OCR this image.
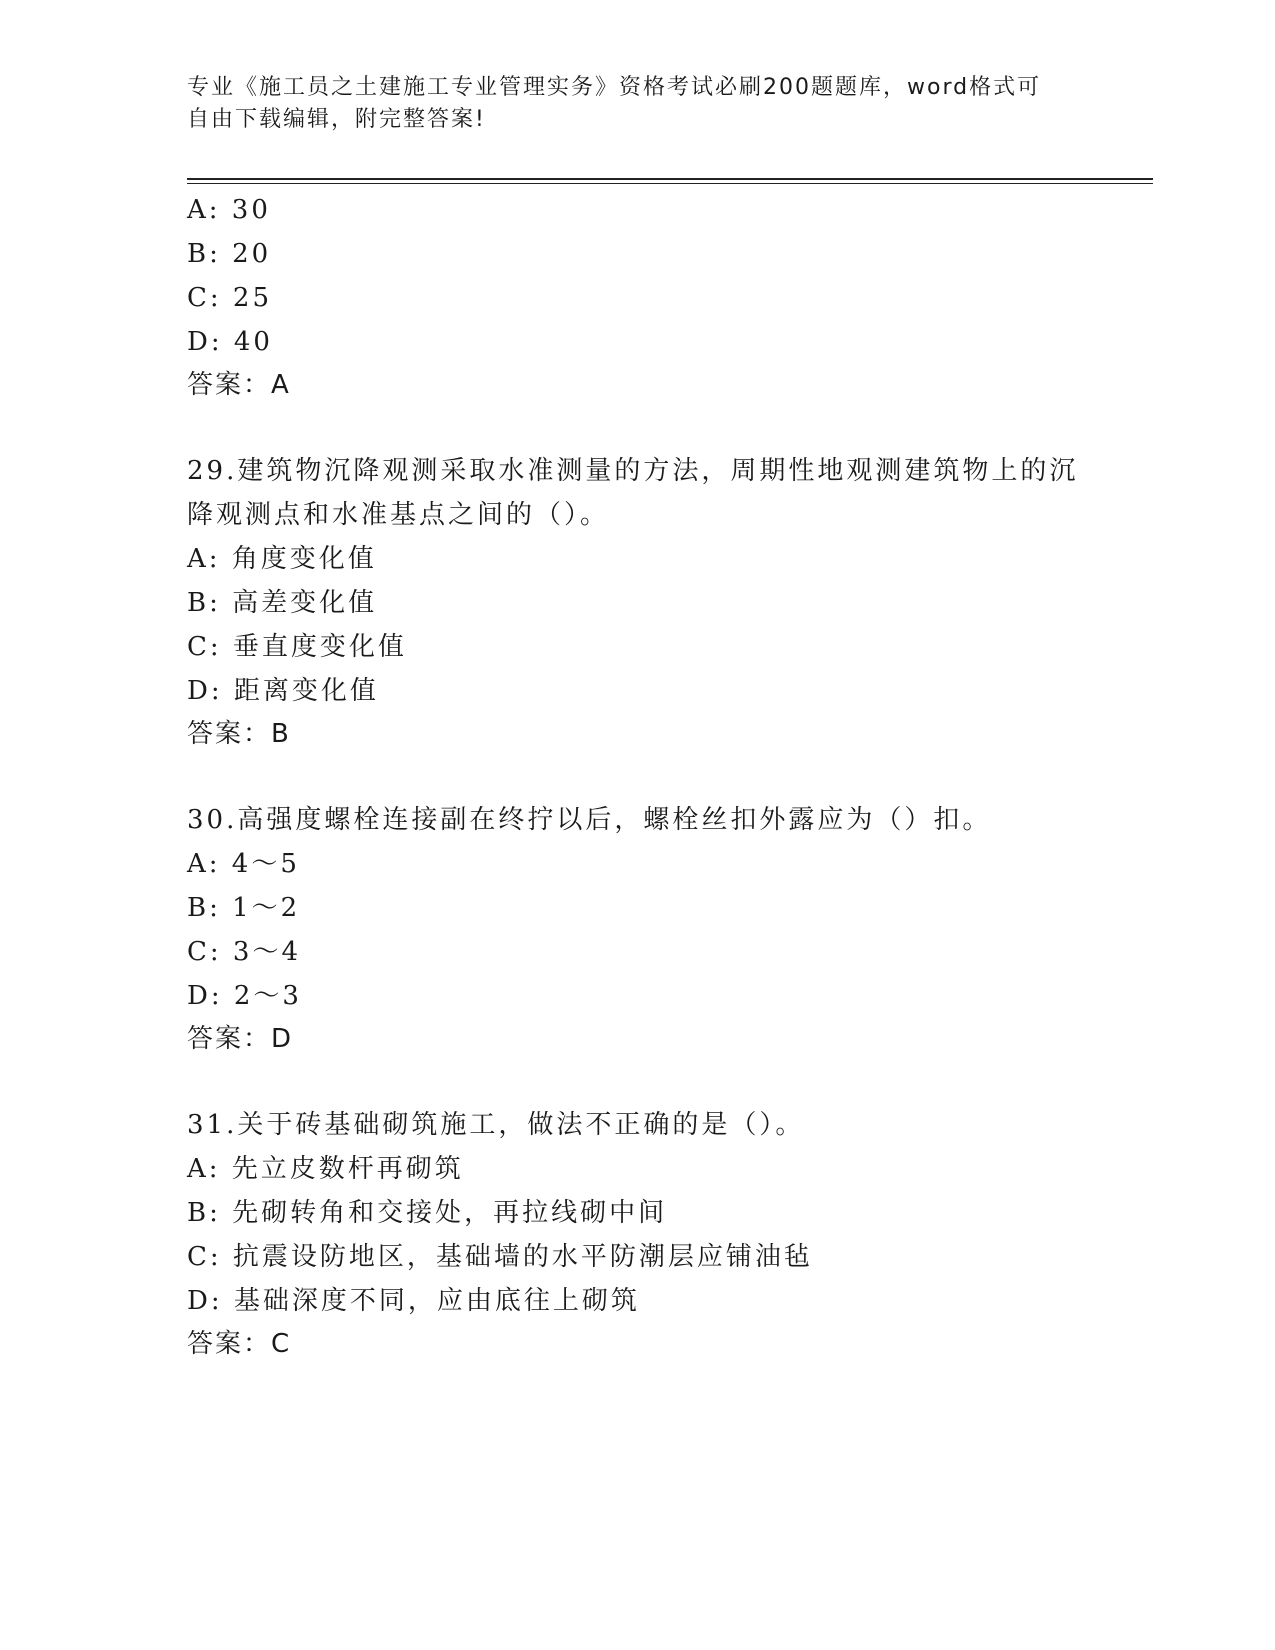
专业《施工员之土建施工专业管理实务》资格考试必刷200题题库，word格式可
自由下载编辑，附完整答案!
A: 30
B: 20
C: 25
D: 40
答案：A
29.建筑物沉降观测采取水准测量的方法，周期性地观测建筑物上的沉
降观测点和水准基点之间的（）。
A: 角度变化值
B: 高差变化值
C: 垂直度变化值
D: 距离变化值
答案：B
30.高强度螺栓连接副在终拧以后，螺栓丝扣外露应为（）扣。
A: 4～5
B: 1～2
C: 3～4
D: 2～3
答案：D
31.关于砖基础砌筑施工，做法不正确的是（）。
A: 先立皮数杆再砌筑
B: 先砌转角和交接处，再拉线砌中间
C: 抗震设防地区，基础墙的水平防潮层应铺油毡
D: 基础深度不同，应由底往上砌筑
答案：C
